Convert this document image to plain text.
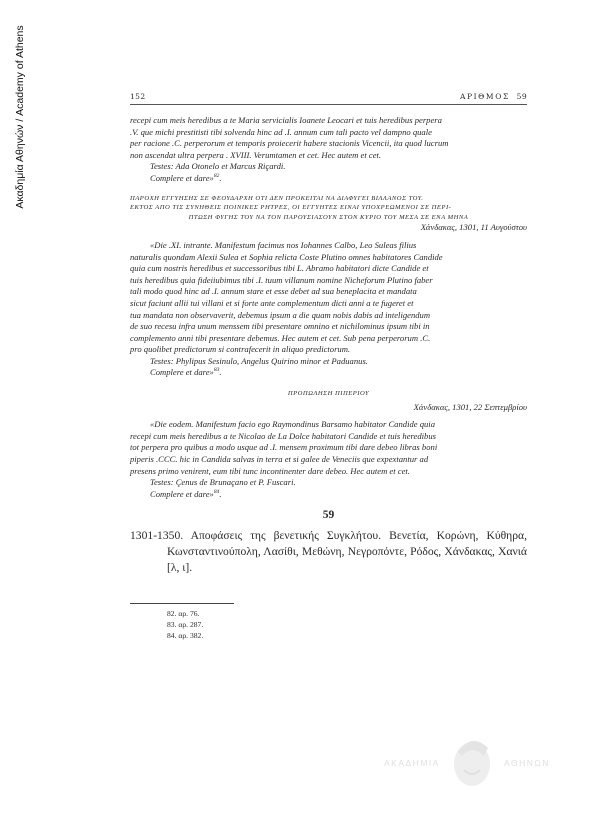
Ακαδημία Αθηνών / Academy of Athens	152	ΑΡΙΘΜΟΣ 59

recepi cum meis heredibus a te Maria servicialis Ioanete Leocari et tuis heredibus perpera

.V. que michi prestitisti tibi solvenda hinc ad .I. annum cum tali pacto vel dampno quale

per racione .C. perperorum et temporis proiecerit habere stacionis Vicencii, ita quod lucrum

non ascendat ultra perpera . XVIII. Verumtamen et cet. Hec autem et cet.

Testes: Ada Otonelo et Marcus Riçardi.

Complere et dare»$^{82}$.

ΠΑΡΟΧΗ ΕΓΓΥΗΣΗΣ ΣΕ ΦΕΟΥΔΑΡΧΗ ΟΤΙ ΔΕΝ ΠΡΟΚΕΙΤΑΙ ΝΑ ΔΙΑΦΥΓΕΙ ΒΙΛΛΑΝΟΣ ΤΟΥ.
ΕΚΤΟΣ ΑΠΟ ΤΙΣ ΣΥΝΗΘΕΙΣ ΠΟΙΝΙΚΕΣ ΡΗΤΡΕΣ, ΟΙ ΕΓΓΥΗΤΕΣ ΕΙΝΑΙ ΥΠΟΧΡΕΩΜΕΝΟΙ ΣΕ ΠΕΡΙ-
ΠΤΩΣΗ ΦΥΓΗΣ ΤΟΥ ΝΑ ΤΟΝ ΠΑΡΟΥΣΙΑΣΟΥΝ ΣΤΟΝ ΚΥΡΙΟ ΤΟΥ ΜΕΣΑ ΣΕ ΕΝΑ ΜΗΝΑ
Χάνδακας, 1301, 11 Αυγούστου

«Die .XI. intrante. Manifestum facimus nos Iohannes Calbo, Leo Suleas filius

naturalis quondam Alexii Sulea et Sophia relicta Coste Plutino omnes habitatores Candide

quia cum nostris heredibus et successoribus tibi L. Abramo habitatori dicte Candide et

tuis heredibus quia fideiiubimus tibi .I. tuum villanum nomine Nicheforum Plutino faber

tali modo quod hinc ad .I. annum stare et esse debet ad sua beneplacita et mandata

sicut faciunt allii tui villani et si forte ante complementum dicti anni a te fugeret et

tua mandata non observaverit, debemus ipsum a die quam nobis dabis ad inteligendum

de suo recesu infra unum menssem tibi presentare omnino et nichilominus ipsum tibi in

complemento anni tibi presentare debemus. Hec autem et cet. Sub pena perperorum .C.

pro quolibet predictorum si contrafecerit in aliquo predictorum.

Testes: Phylipus Sesinulo, Angelus Quirino minor et Paduanus.

Complere et dare»$^{83}$.

ΠΡΟΠΩΛΗΣΗ ΠΙΠΕΡΙΟΥ
Χάνδακας, 1301, 22 Σεπτεμβρίου

«Die eodem. Manifestum facio ego Raymondinus Barsamo habitator Candide quia

recepi cum meis heredibus a te Nicolao de La Dolce habitatori Candide et tuis heredibus

tot perpera pro quibus a modo usque ad .I. mensem proximum tibi dare debeo libras boni

piperis .CCC. hic in Candida salvas in terra et si galee de Veneciis que expextantur ad

presens primo venirent, eum tibi tunc incontinenter dare debeo. Hec autem et cet.

Testes: Çenus de Brunaçano et P. Fuscari.

Complere et dare»$^{84}$.

59
1301-1350. Αποφάσεις της βενετικής Συγκλήτου. Βενετία, Κορώνη, Κύθηρα, Κωνσταντινούπολη, Λασίθι, Μεθώνη, Νεγροπόντε, Ρόδος, Χάνδακας, Χανιά [λ, ι].
82. αρ. 76.
83. αρ. 287.
84. αρ. 382.
ΑΚΑΔΗΜΙΑ	ΑΘΗΝΩΝ
